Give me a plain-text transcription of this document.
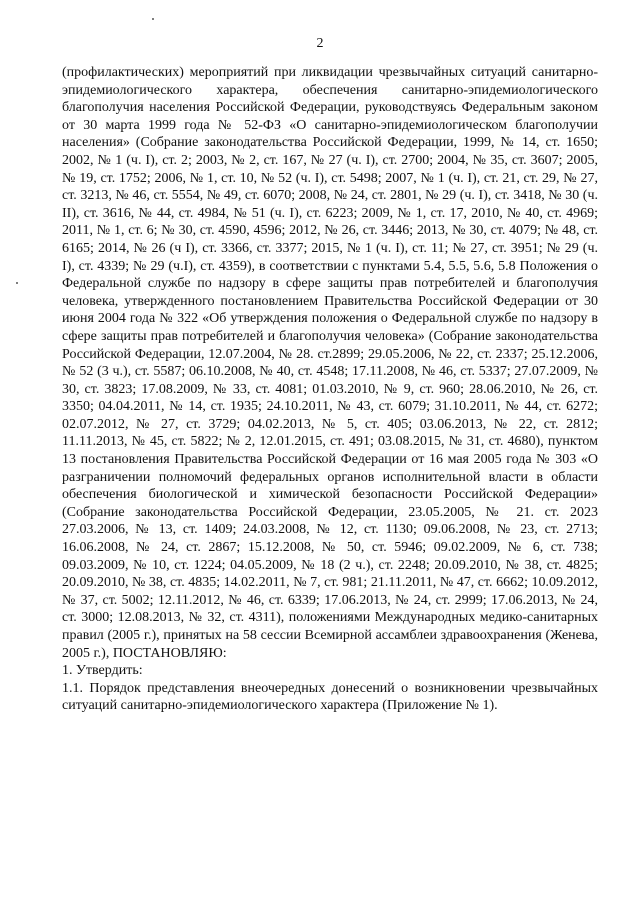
2

(профилактических) мероприятий при ликвидации чрезвычайных ситуаций санитарно-эпидемиологического характера, обеспечения санитарно-эпидемиологического благополучия населения Российской Федерации, руководствуясь Федеральным законом от 30 марта 1999 года № 52-ФЗ «О санитарно-эпидемиологическом благополучии населения» (Собрание законодательства Российской Федерации, 1999, № 14, ст. 1650; 2002, № 1 (ч. I), ст. 2; 2003, № 2, ст. 167, № 27 (ч. I), ст. 2700; 2004, № 35, ст. 3607; 2005, № 19, ст. 1752; 2006, № 1, ст. 10, № 52 (ч. I), ст. 5498; 2007, № 1 (ч. I), ст. 21, ст. 29, № 27, ст. 3213, № 46, ст. 5554, № 49, ст. 6070; 2008, № 24, ст. 2801, № 29 (ч. I), ст. 3418, № 30 (ч. II), ст. 3616, № 44, ст. 4984, № 51 (ч. I), ст. 6223; 2009, № 1, ст. 17, 2010, № 40, ст. 4969; 2011, № 1, ст. 6; № 30, ст. 4590, 4596; 2012, № 26, ст. 3446; 2013, № 30, ст. 4079; № 48, ст. 6165; 2014, № 26 (ч I), ст. 3366, ст. 3377; 2015, № 1 (ч. I), ст. 11; № 27, ст. 3951; № 29 (ч. I), ст. 4339; № 29 (ч.I), ст. 4359), в соответствии с пунктами 5.4, 5.5, 5.6, 5.8 Положения о Федеральной службе по надзору в сфере защиты прав потребителей и благополучия человека, утвержденного постановлением Правительства Российской Федерации от 30 июня 2004 года № 322 «Об утверждения положения о Федеральной службе по надзору в сфере защиты прав потребителей и благополучия человека» (Собрание законодательства Российской Федерации, 12.07.2004, № 28. ст.2899; 29.05.2006, № 22, ст. 2337; 25.12.2006, № 52 (3 ч.), ст. 5587; 06.10.2008, № 40, ст. 4548; 17.11.2008, № 46, ст. 5337; 27.07.2009, № 30, ст. 3823; 17.08.2009, № 33, ст. 4081; 01.03.2010, № 9, ст. 960; 28.06.2010, № 26, ст. 3350; 04.04.2011, № 14, ст. 1935; 24.10.2011, № 43, ст. 6079; 31.10.2011, № 44, ст. 6272; 02.07.2012, № 27, ст. 3729; 04.02.2013, № 5, ст. 405; 03.06.2013, № 22, ст. 2812; 11.11.2013, № 45, ст. 5822; № 2, 12.01.2015, ст. 491; 03.08.2015, № 31, ст. 4680), пунктом 13 постановления Правительства Российской Федерации от 16 мая 2005 года № 303 «О разграничении полномочий федеральных органов исполнительной власти в области обеспечения биологической и химической безопасности Российской Федерации» (Собрание законодательства Российской Федерации, 23.05.2005, № 21. ст. 2023 27.03.2006, № 13, ст. 1409; 24.03.2008, № 12, ст. 1130; 09.06.2008, № 23, ст. 2713; 16.06.2008, № 24, ст. 2867; 15.12.2008, № 50, ст. 5946; 09.02.2009, № 6, ст. 738; 09.03.2009, № 10, ст. 1224; 04.05.2009, № 18 (2 ч.), ст. 2248; 20.09.2010, № 38, ст. 4825; 20.09.2010, № 38, ст. 4835; 14.02.2011, № 7, ст. 981; 21.11.2011, № 47, ст. 6662; 10.09.2012, № 37, ст. 5002; 12.11.2012, № 46, ст. 6339; 17.06.2013, № 24, ст. 2999; 17.06.2013, № 24, ст. 3000; 12.08.2013, № 32, ст. 4311), положениями Международных медико-санитарных правил (2005 г.), принятых на 58 сессии Всемирной ассамблеи здравоохранения (Женева, 2005 г.), ПОСТАНОВЛЯЮ:

1. Утвердить:

1.1. Порядок представления внеочередных донесений о возникновении чрезвычайных ситуаций санитарно-эпидемиологического характера (Приложение № 1).
